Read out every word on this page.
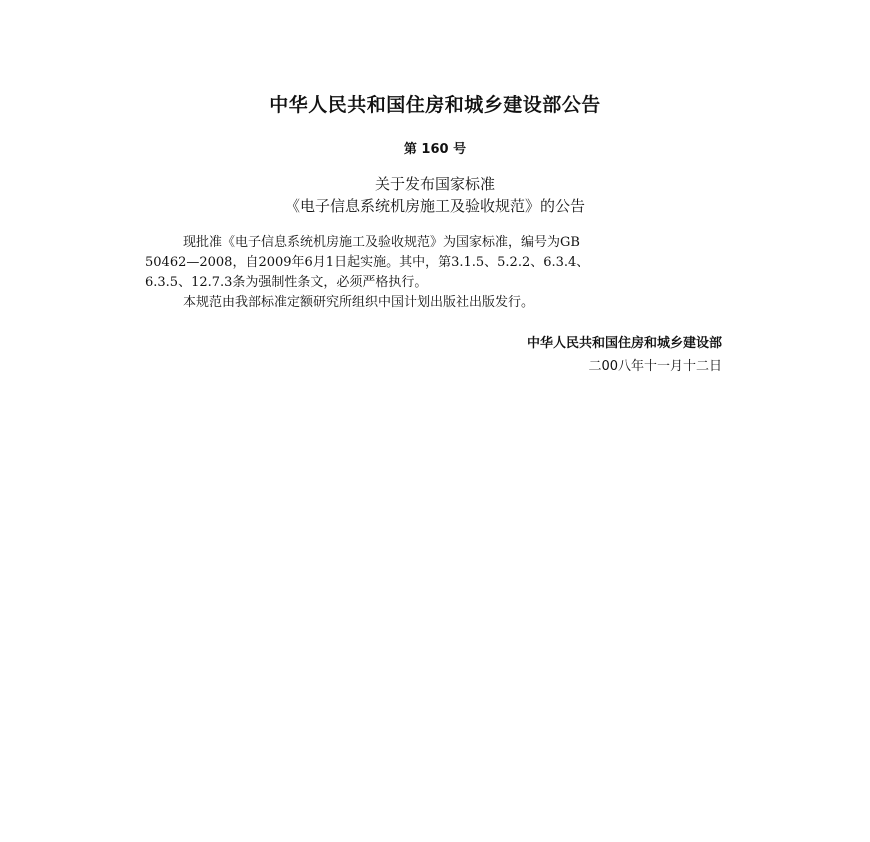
中华人民共和国住房和城乡建设部公告
第 160 号
关于发布国家标准
《电子信息系统机房施工及验收规范》的公告
现批准《电子信息系统机房施工及验收规范》为国家标准，编号为GB
50462—2008，自2009年6月1日起实施。其中，第3.1.5、5.2.2、6.3.4、
6.3.5、12.7.3条为强制性条文，必须严格执行。
本规范由我部标准定额研究所组织中国计划出版社出版发行。
中华人民共和国住房和城乡建设部
二00八年十一月十二日
